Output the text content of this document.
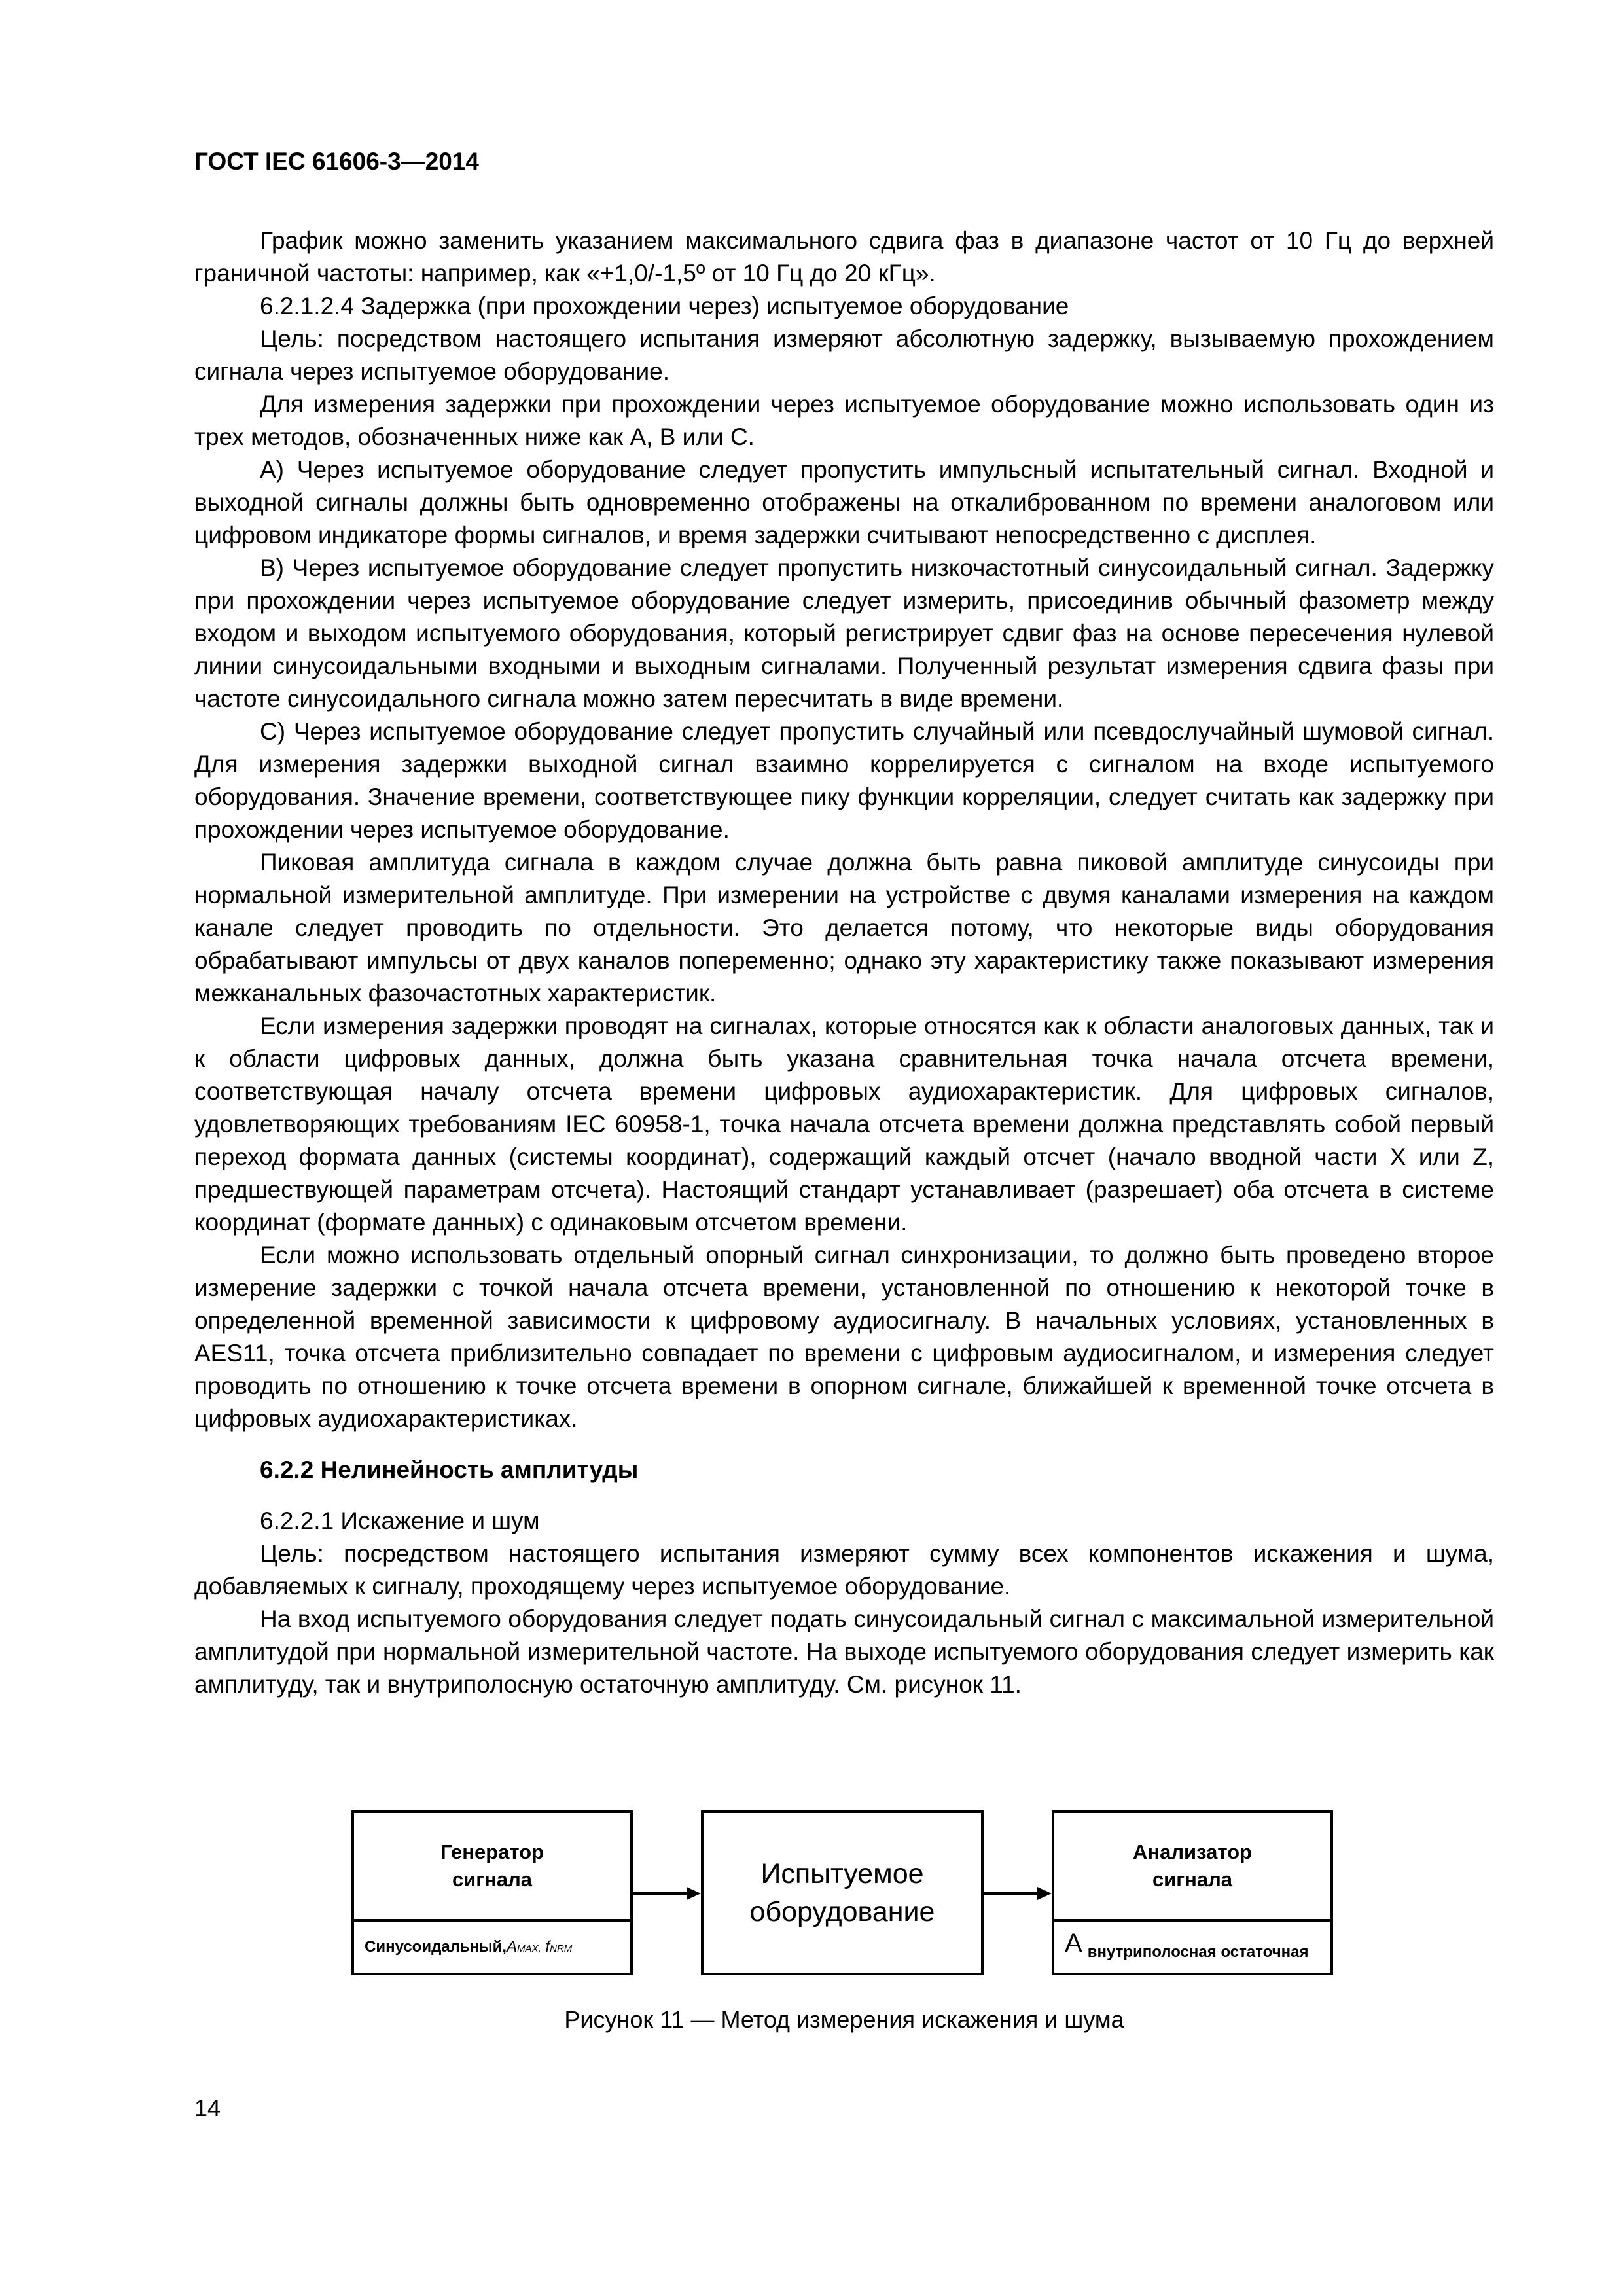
ГОСТ IEC 61606-3—2014

График можно заменить указанием максимального сдвига фаз в диапазоне частот от 10 Гц до верхней граничной частоты: например, как «+1,0/-1,5º от 10 Гц до 20 кГц».

6.2.1.2.4 Задержка (при прохождении через) испытуемое оборудование

Цель: посредством настоящего испытания измеряют абсолютную задержку, вызываемую прохождением сигнала через испытуемое оборудование.

Для измерения задержки при прохождении через испытуемое оборудование можно использовать один из трех методов, обозначенных ниже как А, В или С.

А) Через испытуемое оборудование следует пропустить импульсный испытательный сигнал. Входной и выходной сигналы должны быть одновременно отображены на откалиброванном по времени аналоговом или цифровом индикаторе формы сигналов, и время задержки считывают непосредственно с дисплея.

В) Через испытуемое оборудование следует пропустить низкочастотный синусоидальный сигнал. Задержку при прохождении через испытуемое оборудование следует измерить, присоединив обычный фазометр между входом и выходом испытуемого оборудования, который регистрирует сдвиг фаз на основе пересечения нулевой линии синусоидальными входными и выходным сигналами. Полученный результат измерения сдвига фазы при частоте синусоидального сигнала можно затем пересчитать в виде времени.

С) Через испытуемое оборудование следует пропустить случайный или псевдослучайный шумовой сигнал. Для измерения задержки выходной сигнал взаимно коррелируется с сигналом на входе испытуемого оборудования. Значение времени, соответствующее пику функции корреляции, следует считать как задержку при прохождении через испытуемое оборудование.

Пиковая амплитуда сигнала в каждом случае должна быть равна пиковой амплитуде синусоиды при нормальной измерительной амплитуде. При измерении на устройстве с двумя каналами измерения на каждом канале следует проводить по отдельности. Это делается потому, что некоторые виды оборудования обрабатывают импульсы от двух каналов попеременно; однако эту характеристику также показывают измерения межканальных фазочастотных характеристик.

Если измерения задержки проводят на сигналах, которые относятся как к области аналоговых данных, так и к области цифровых данных, должна быть указана сравнительная точка начала отсчета времени, соответствующая началу отсчета времени цифровых аудиохарактеристик. Для цифровых сигналов, удовлетворяющих требованиям IEC 60958-1, точка начала отсчета времени должна представлять собой первый переход формата данных (системы координат), содержащий каждый отсчет (начало вводной части X или Z, предшествующей параметрам отсчета). Настоящий стандарт устанавливает (разрешает) оба отсчета в системе координат (формате данных) с одинаковым отсчетом времени.

Если можно использовать отдельный опорный сигнал синхронизации, то должно быть проведено второе измерение задержки с точкой начала отсчета времени, установленной по отношению к некоторой точке в определенной временной зависимости к цифровому аудиосигналу. В начальных условиях, установленных в AES11, точка отсчета приблизительно совпадает по времени с цифровым аудиосигналом, и измерения следует проводить по отношению к точке отсчета времени в опорном сигнале, ближайшей к временной точке отсчета в цифровых аудиохарактеристиках.

6.2.2 Нелинейность амплитуды

6.2.2.1 Искажение и шум

Цель: посредством настоящего испытания измеряют сумму всех компонентов искажения и шума, добавляемых к сигналу, проходящему через испытуемое оборудование.

На вход испытуемого оборудования следует подать синусоидальный сигнал с максимальной измерительной амплитудой при нормальной измерительной частоте. На выходе испытуемого оборудования следует измерить как амплитуду, так и внутриполосную остаточную амплитуду. См. рисунок 11.

Генератор
сигнала
Синусоидальный, AMAX, fNRM
Испытуемое
оборудование
Анализатор
сигнала
A внутриполосная остаточная
Рисунок 11 — Метод измерения искажения и шума
14
